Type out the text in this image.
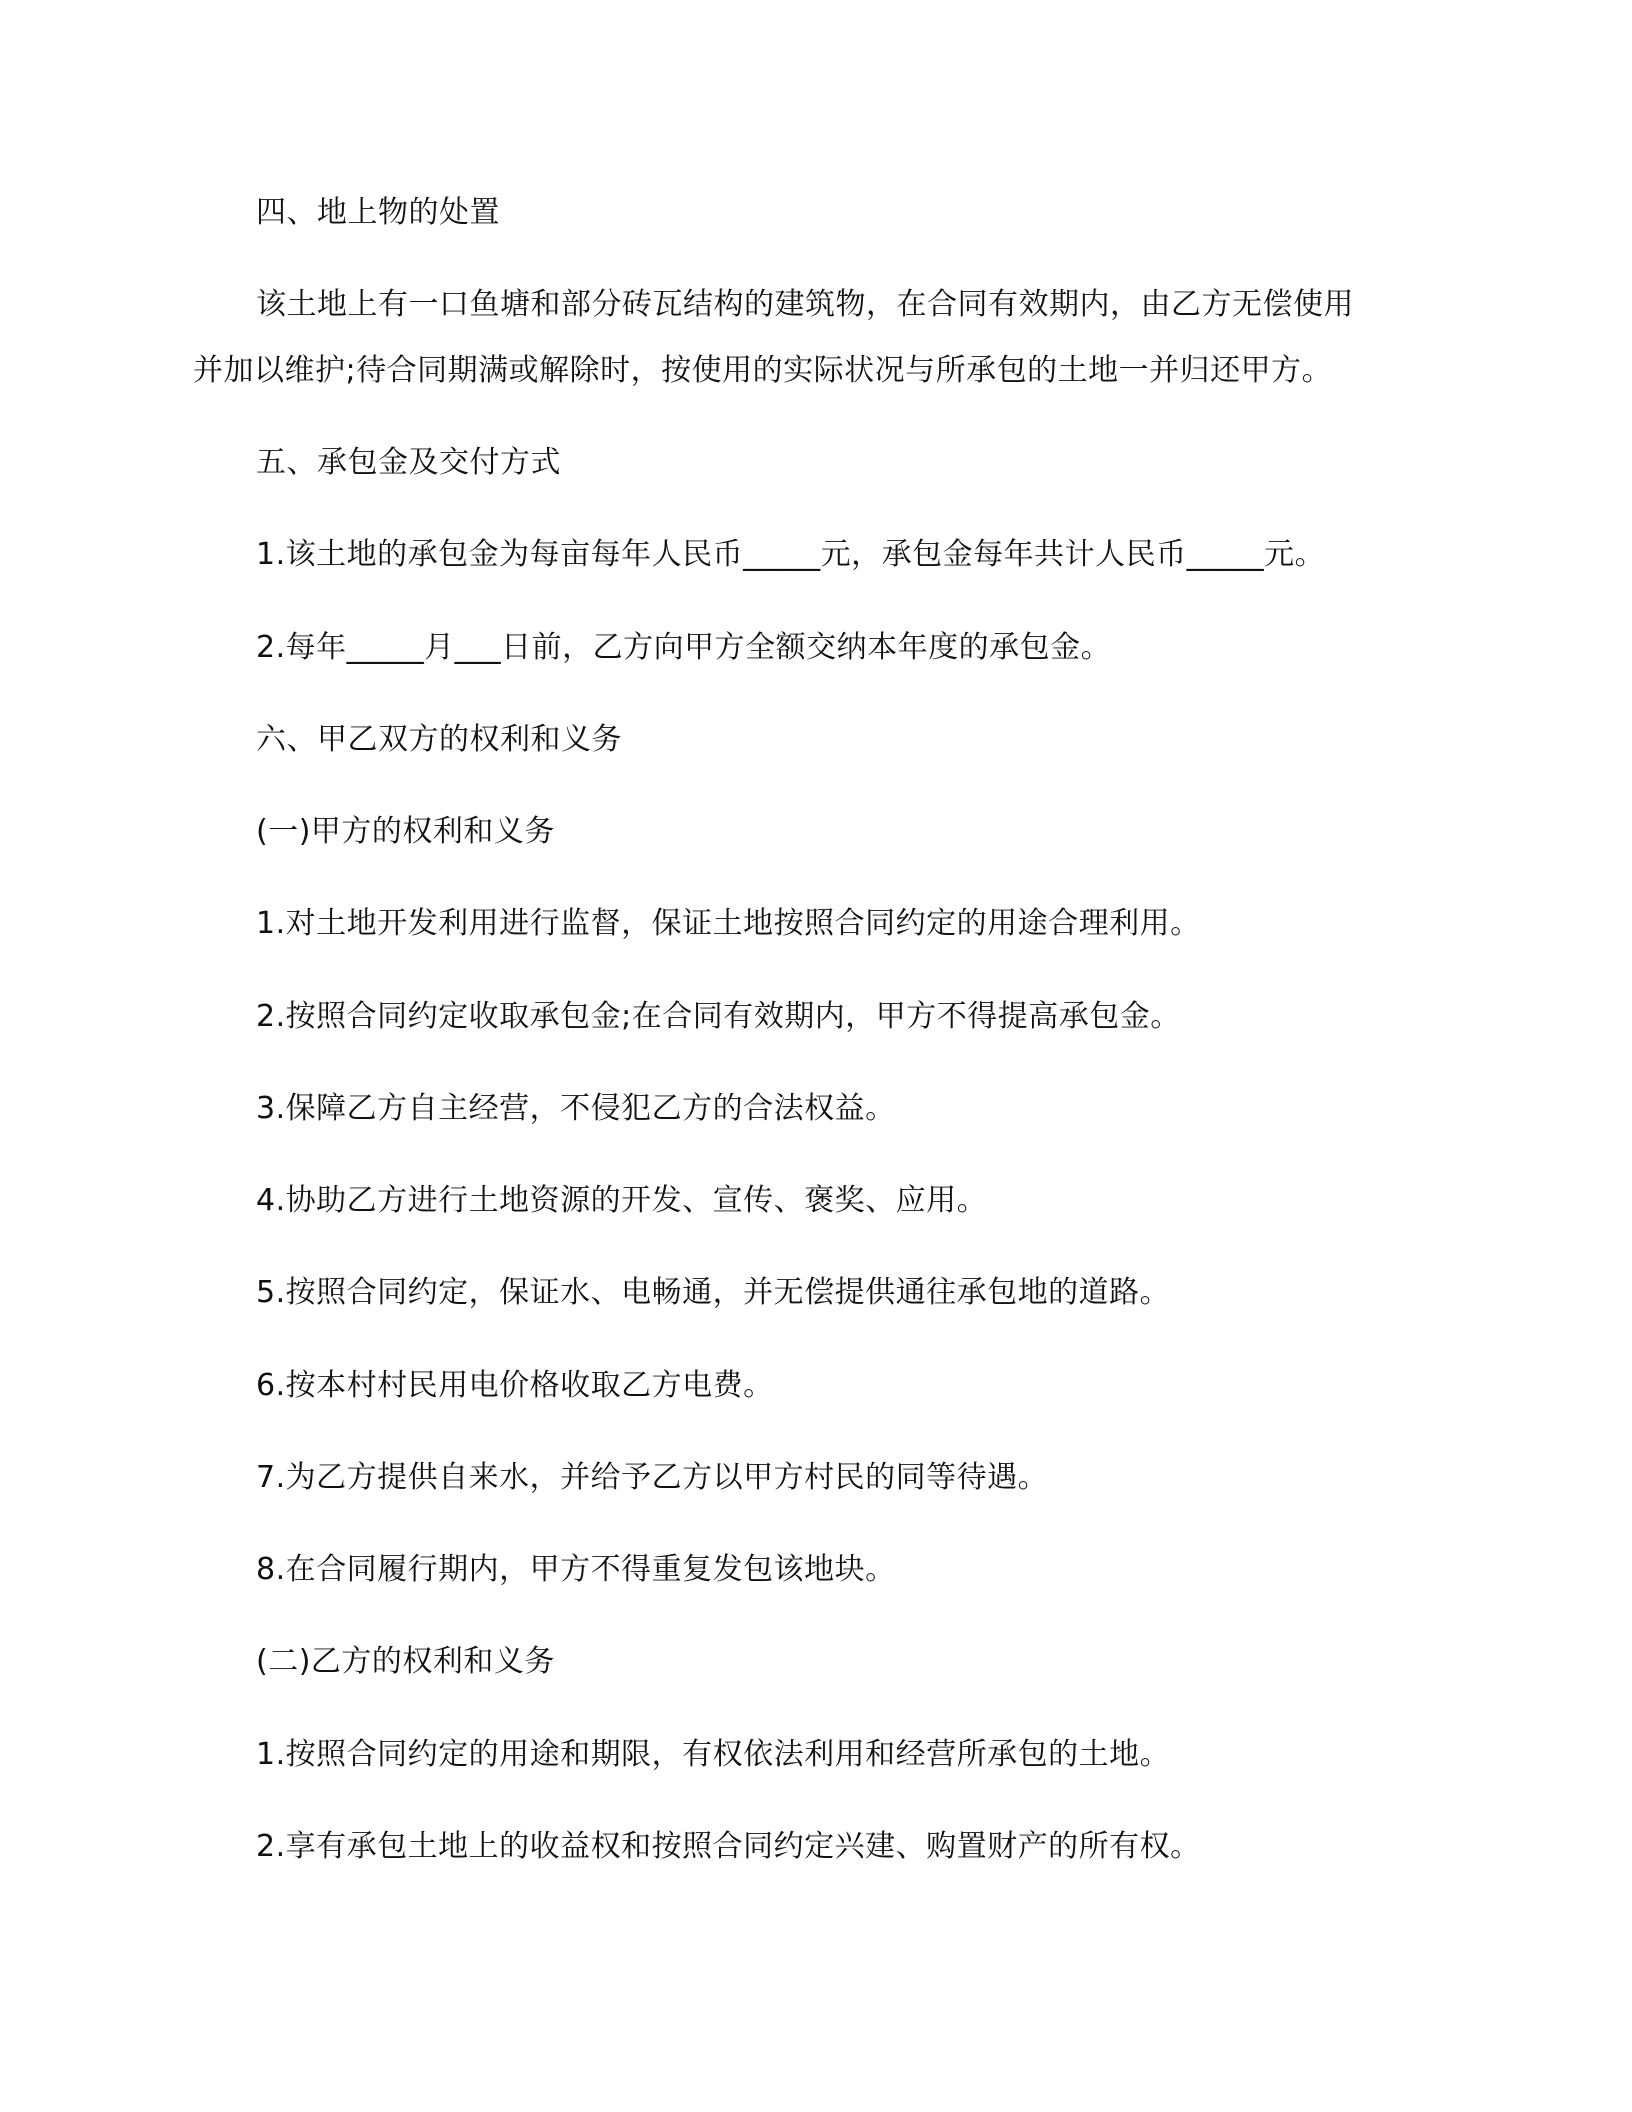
四、地上物的处置
该土地上有一口鱼塘和部分砖瓦结构的建筑物，在合同有效期内，由乙方无偿使用
并加以维护;待合同期满或解除时，按使用的实际状况与所承包的土地一并归还甲方。
五、承包金及交付方式
1.该土地的承包金为每亩每年人民币_____元，承包金每年共计人民币_____元。
2.每年_____月___日前，乙方向甲方全额交纳本年度的承包金。
六、甲乙双方的权利和义务
(一)甲方的权利和义务
1.对土地开发利用进行监督，保证土地按照合同约定的用途合理利用。
2.按照合同约定收取承包金;在合同有效期内，甲方不得提高承包金。
3.保障乙方自主经营，不侵犯乙方的合法权益。
4.协助乙方进行土地资源的开发、宣传、褒奖、应用。
5.按照合同约定，保证水、电畅通，并无偿提供通往承包地的道路。
6.按本村村民用电价格收取乙方电费。
7.为乙方提供自来水，并给予乙方以甲方村民的同等待遇。
8.在合同履行期内，甲方不得重复发包该地块。
(二)乙方的权利和义务
1.按照合同约定的用途和期限，有权依法利用和经营所承包的土地。
2.享有承包土地上的收益权和按照合同约定兴建、购置财产的所有权。
